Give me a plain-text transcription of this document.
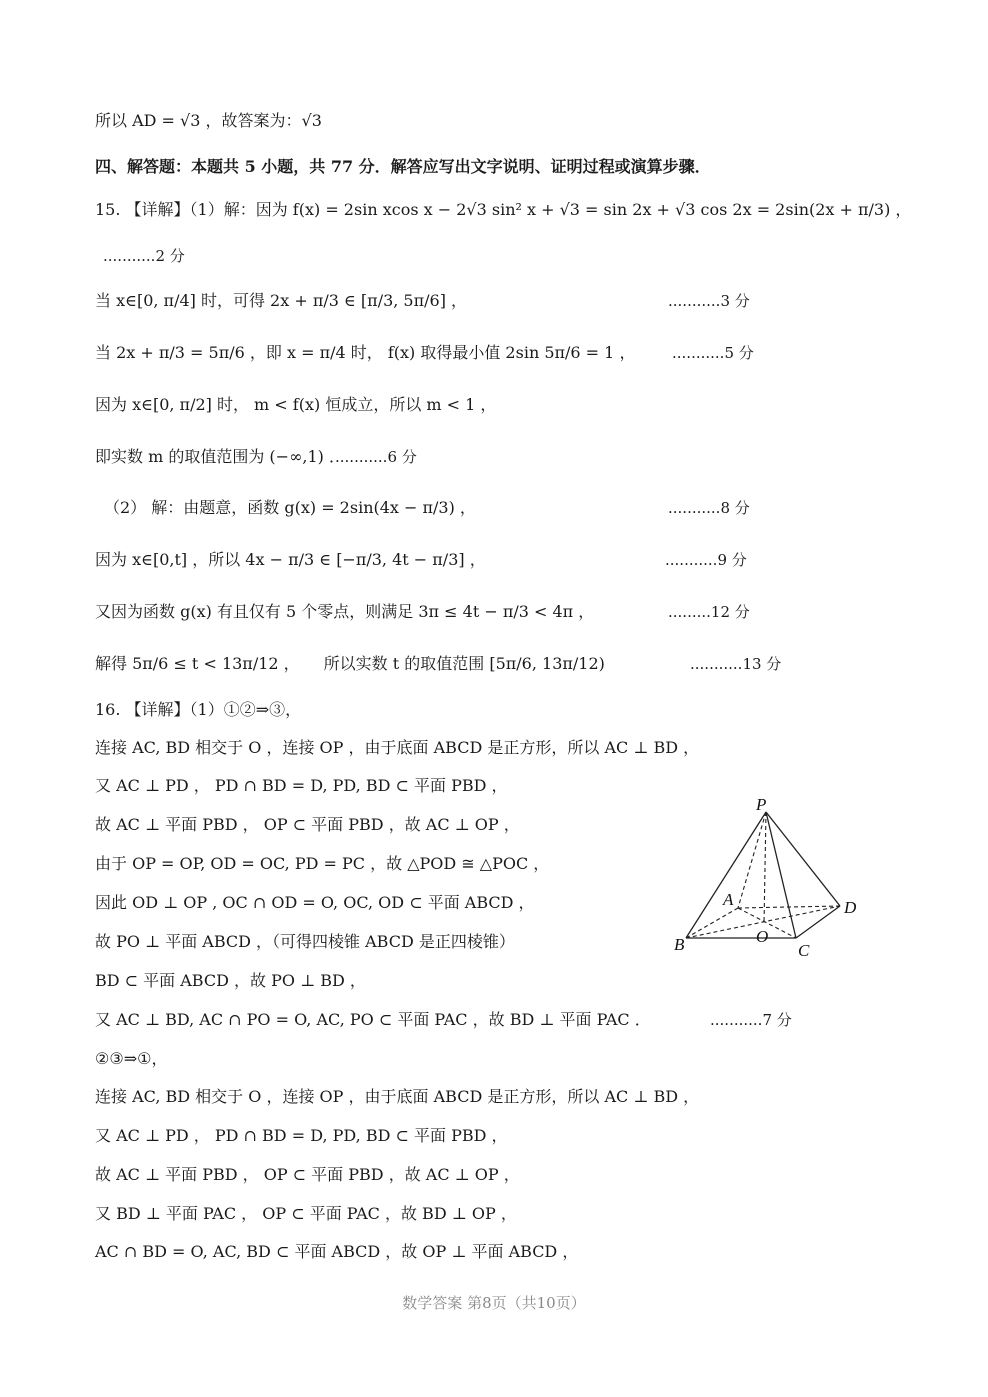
所以 AD = √3 ，故答案为：√3
四、解答题：本题共 5 小题，共 77 分．解答应写出文字说明、证明过程或演算步骤．
15. 【详解】（1）解：因为 f(x) = 2sin xcos x − 2√3 sin² x + √3 = sin 2x + √3 cos 2x = 2sin(2x + π/3) ，
...........2 分
当 x∈[0, π/4] 时，可得 2x + π/3 ∈ [π/3, 5π/6] ，	...........3 分
当 2x + π/3 = 5π/6 ，即 x = π/4 时， f(x) 取得最小值 2sin 5π/6 = 1 ， ...........5 分
因为 x∈[0, π/2] 时， m < f(x) 恒成立，所以 m < 1 ，
即实数 m 的取值范围为 (−∞,1) ．
...........6 分
（2） 解：由题意，函数 g(x) = 2sin(4x − π/3) ，	...........8 分
因为 x∈[0,t] ，所以 4x − π/3 ∈ [−π/3, 4t − π/3] ，	...........9 分
又因为函数 g(x) 有且仅有 5 个零点，则满足 3π ≤ 4t − π/3 < 4π ，	.........12 分
解得 5π/6 ≤ t < 13π/12 ，　　所以实数 t 的取值范围 [5π/6, 13π/12)	...........13 分
16. 【详解】（1）①②⇒③，
连接 AC, BD 相交于 O ，连接 OP ，由于底面 ABCD 是正方形，所以 AC ⊥ BD ，
又 AC ⊥ PD ， PD ∩ BD = D, PD, BD ⊂ 平面 PBD ，
故 AC ⊥ 平面 PBD ， OP ⊂ 平面 PBD ，故 AC ⊥ OP ，
由于 OP = OP, OD = OC, PD = PC ，故 △POD ≅ △POC ，
因此 OD ⊥ OP , OC ∩ OD = O, OC, OD ⊂ 平面 ABCD ，
故 PO ⊥ 平面 ABCD ，（可得四棱锥 ABCD 是正四棱锥）
BD ⊂ 平面 ABCD ，故 PO ⊥ BD ，
又 AC ⊥ BD, AC ∩ PO = O, AC, PO ⊂ 平面 PAC ，故 BD ⊥ 平面 PAC ．	...........7 分
②③⇒①，
连接 AC, BD 相交于 O ，连接 OP ，由于底面 ABCD 是正方形，所以 AC ⊥ BD ，
又 AC ⊥ PD ， PD ∩ BD = D, PD, BD ⊂ 平面 PBD ，
故 AC ⊥ 平面 PBD ， OP ⊂ 平面 PBD ，故 AC ⊥ OP ，
又 BD ⊥ 平面 PAC ， OP ⊂ 平面 PAC ，故 BD ⊥ OP ，
AC ∩ BD = O, AC, BD ⊂ 平面 ABCD ，故 OP ⊥ 平面 ABCD ，
P
A	D
O
B	C
数学答案 第8页（共10页）
